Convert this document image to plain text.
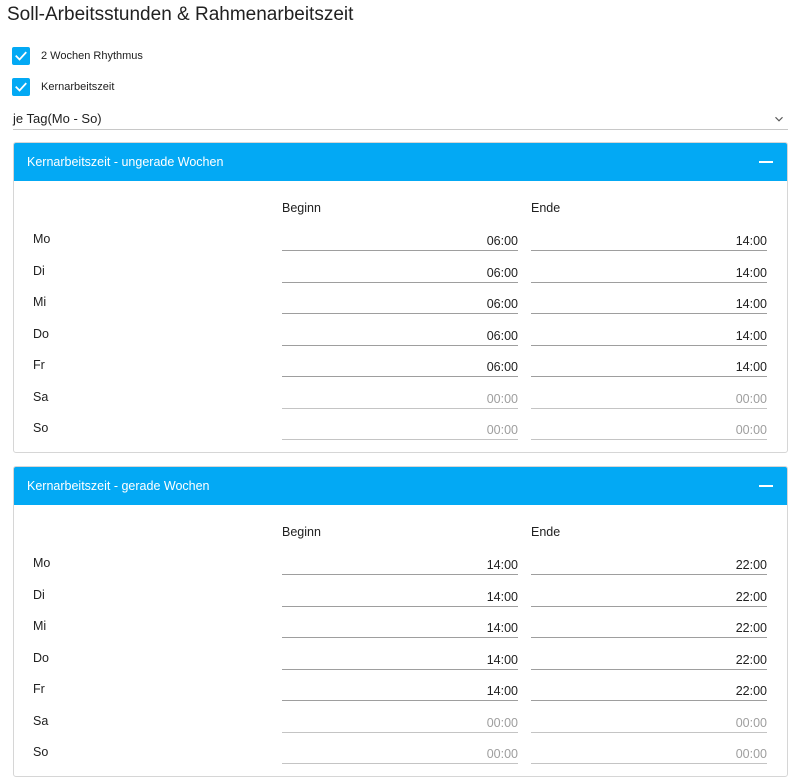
Soll-Arbeitsstunden & Rahmenarbeitszeit
2 Wochen Rhythmus
Kernarbeitszeit
je Tag(Mo - So)
Kernarbeitszeit - ungerade Wochen
Beginn	Ende
Mo	06:00	14:00
Di	06:00	14:00
Mi	06:00	14:00
Do	06:00	14:00
Fr	06:00	14:00
Sa	00:00	00:00
So	00:00	00:00
Kernarbeitszeit - gerade Wochen
Beginn	Ende
Mo	14:00	22:00
Di	14:00	22:00
Mi	14:00	22:00
Do	14:00	22:00
Fr	14:00	22:00
Sa	00:00	00:00
So	00:00	00:00
